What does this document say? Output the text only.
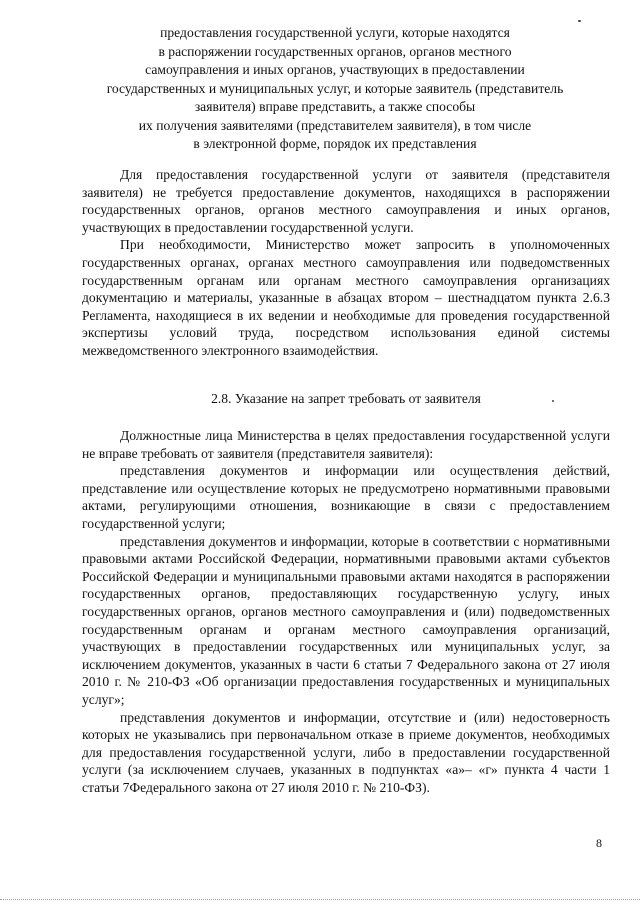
предоставления государственной услуги, которые находятся
в распоряжении государственных органов, органов местного
самоуправления и иных органов, участвующих в предоставлении
государственных и муниципальных услуг, и которые заявитель (представитель
заявителя) вправе представить, а также способы
их получения заявителями (представителем заявителя), в том числе
в электронной форме, порядок их представления

Для предоставления государственной услуги от заявителя (представителя заявителя) не требуется предоставление документов, находящихся в распоряжении государственных органов, органов местного самоуправления и иных органов, участвующих в предоставлении государственной услуги.

При необходимости, Министерство может запросить в уполномоченных государственных органах, органах местного самоуправления или подведомственных государственным органам или органам местного самоуправления организациях документацию и материалы, указанные в абзацах втором – шестнадцатом пункта 2.6.3 Регламента, находящиеся в их ведении и необходимые для проведения государственной экспертизы условий труда, посредством использования единой системы межведомственного электронного взаимодействия.

2.8. Указание на запрет требовать от заявителя

Должностные лица Министерства в целях предоставления государственной услуги не вправе требовать от заявителя (представителя заявителя):

представления документов и информации или осуществления действий, представление или осуществление которых не предусмотрено нормативными правовыми актами, регулирующими отношения, возникающие в связи с предоставлением государственной услуги;

представления документов и информации, которые в соответствии с нормативными правовыми актами Российской Федерации, нормативными правовыми актами субъектов Российской Федерации и муниципальными правовыми актами находятся в распоряжении государственных органов, предоставляющих государственную услугу, иных государственных органов, органов местного самоуправления и (или) подведомственных государственным органам и органам местного самоуправления организаций, участвующих в предоставлении государственных или муниципальных услуг, за исключением документов, указанных в части 6 статьи 7 Федерального закона от 27 июля 2010 г. № 210-ФЗ «Об организации предоставления государственных и муниципальных услуг»;

представления документов и информации, отсутствие и (или) недостоверность которых не указывались при первоначальном отказе в приеме документов, необходимых для предоставления государственной услуги, либо в предоставлении государственной услуги (за исключением случаев, указанных в подпунктах «а»– «г» пункта 4 части 1 статьи 7Федерального закона от 27 июля 2010 г. № 210-ФЗ).

8
